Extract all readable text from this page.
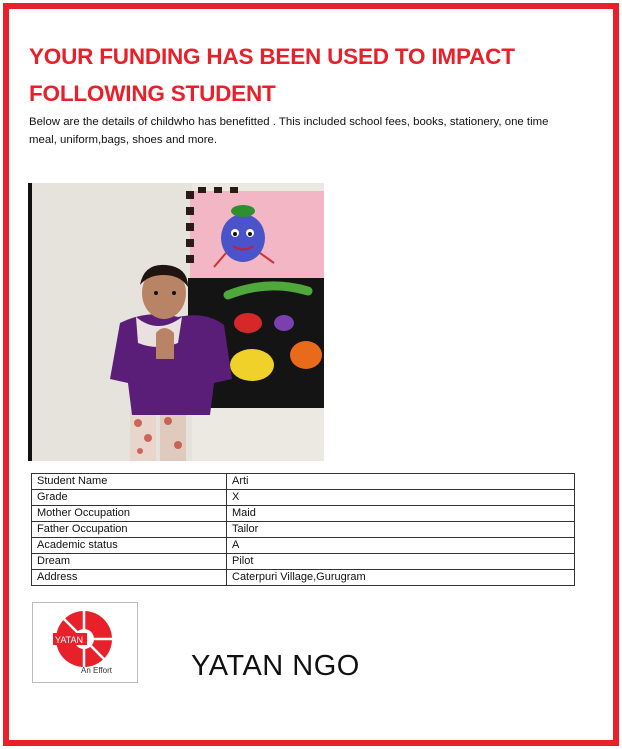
YOUR FUNDING HAS BEEN USED TO IMPACT
FOLLOWING STUDENT
Below are the details of childwho has benefitted . This included school fees, books, stationery, one time meal, uniform,bags, shoes and more.
Student Name	Arti
Grade	X
Mother Occupation	Maid
Father Occupation	Tailor
Academic status	A
Dream	Pilot
Address	Caterpuri Village,Gurugram
YATAN
An Effort	YATAN NGO
